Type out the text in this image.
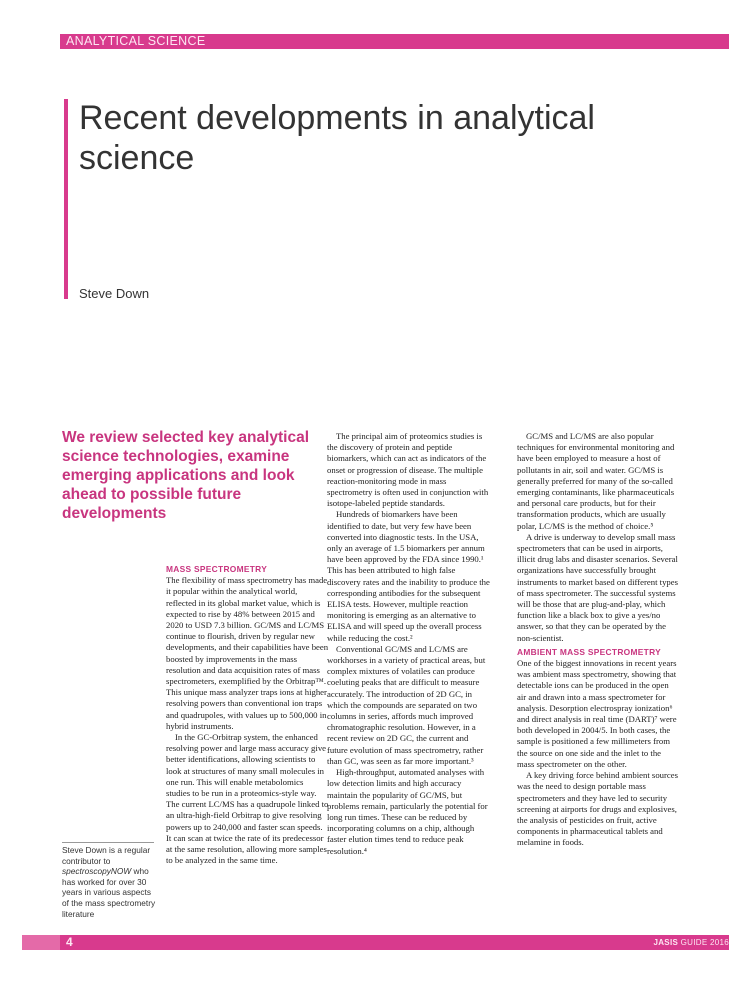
ANALYTICAL SCIENCE
Recent developments in analytical science
Steve Down
We review selected key analytical science technologies, examine emerging applications and look ahead to possible future developments
Steve Down is a regular contributor to spectroscopyNOW who has worked for over 30 years in various aspects of the mass spectrometry literature
MASS SPECTROMETRY

The flexibility of mass spectrometry has made it popular within the analytical world, reflected in its global market value, which is expected to rise by 48% between 2015 and 2020 to USD 7.3 billion. GC/MS and LC/MS continue to flourish, driven by regular new developments, and their capabilities have been boosted by improvements in the mass resolution and data acquisition rates of mass spectrometers, exemplified by the Orbitrap™. This unique mass analyzer traps ions at higher resolving powers than conventional ion traps and quadrupoles, with values up to 500,000 in hybrid instruments.

In the GC-Orbitrap system, the enhanced resolving power and large mass accuracy give better identifications, allowing scientists to look at structures of many small molecules in one run. This will enable metabolomics studies to be run in a proteomics-style way. The current LC/MS has a quadrupole linked to an ultra-high-field Orbitrap to give resolving powers up to 240,000 and faster scan speeds. It can scan at twice the rate of its predecessor at the same resolution, allowing more samples to be analyzed in the same time.

The principal aim of proteomics studies is the discovery of protein and peptide biomarkers, which can act as indicators of the onset or progression of disease. The multiple reaction-monitoring mode in mass spectrometry is often used in conjunction with isotope-labeled peptide standards.

Hundreds of biomarkers have been identified to date, but very few have been converted into diagnostic tests. In the USA, only an average of 1.5 biomarkers per annum have been approved by the FDA since 1990.¹ This has been attributed to high false discovery rates and the inability to produce the corresponding antibodies for the subsequent ELISA tests. However, multiple reaction monitoring is emerging as an alternative to ELISA and will speed up the overall process while reducing the cost.²

Conventional GC/MS and LC/MS are workhorses in a variety of practical areas, but complex mixtures of volatiles can produce coeluting peaks that are difficult to measure accurately. The introduction of 2D GC, in which the compounds are separated on two columns in series, affords much improved chromatographic resolution. However, in a recent review on 2D GC, the current and future evolution of mass spectrometry, rather than GC, was seen as far more important.³

High-throughput, automated analyses with low detection limits and high accuracy maintain the popularity of GC/MS, but problems remain, particularly the potential for long run times. These can be reduced by incorporating columns on a chip, although faster elution times tend to reduce peak resolution.⁴

GC/MS and LC/MS are also popular techniques for environmental monitoring and have been employed to measure a host of pollutants in air, soil and water. GC/MS is generally preferred for many of the so-called emerging contaminants, like pharmaceuticals and personal care products, but for their transformation products, which are usually polar, LC/MS is the method of choice.⁵

A drive is underway to develop small mass spectrometers that can be used in airports, illicit drug labs and disaster scenarios. Several organizations have successfully brought instruments to market based on different types of mass spectrometer. The successful systems will be those that are plug-and-play, which function like a black box to give a yes/no answer, so that they can be operated by the non-scientist.

AMBIENT MASS SPECTROMETRY

One of the biggest innovations in recent years was ambient mass spectrometry, showing that detectable ions can be produced in the open air and drawn into a mass spectrometer for analysis. Desorption electrospray ionization⁶ and direct analysis in real time (DART)⁷ were both developed in 2004/5. In both cases, the sample is positioned a few millimeters from the source on one side and the inlet to the mass spectrometer on the other.

A key driving force behind ambient sources was the need to design portable mass spectrometers and they have led to security screening at airports for drugs and explosives, the analysis of pesticides on fruit, active components in pharmaceutical tablets and melamine in foods.

4	JASIS GUIDE 2016
